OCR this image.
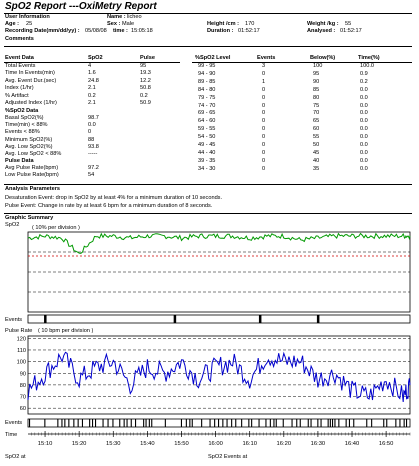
SpO2 Report ---OxiMetry Report
User Information
Age : 25
Name : licheo
Sex : Male
Recording Date(mm/dd/yy) : 05/08/08 time : 15:05:18
Height /cm : 170
Duration : 01:52:17
Weight /kg : 55
Analysed : 01:52:17
Comments
Event Data	SpO2	Pulse
Total Events	4	95
Time In Events(min)	1.6	19.3
Avg. Event Dur.(sec)	24.8	12.2
Index (1/hr)	2.1	50.8
% Artifact	0.2	0.2
Adjusted Index (1/hr)	2.1	50.9
%SpO2 Data
Basal SpO2(%)	98.7
Time(min) < 88%	0.0
Events < 88%	0
Minimum SpO2(%)	88
Avg. Low SpO2(%)	93.8
Avg. Low SpO2 < 88%	-----
Pulse Data
Avg Pulse Rate(bpm)	97.2
Low Pulse Rate(bpm)	54
%SpO2 Level	Events	Below(%)	Time(%)
99 - 95	3	100	100.0
94 - 90	0	95	0.9
89 - 85	1	90	0.2
84 - 80	0	85	0.0
79 - 75	0	80	0.0
74 - 70	0	75	0.0
69 - 65	0	70	0.0
64 - 60	0	65	0.0
59 - 55	0	60	0.0
54 - 50	0	55	0.0
49 - 45	0	50	0.0
44 - 40	0	45	0.0
39 - 35	0	40	0.0
34 - 30	0	35	0.0
Analysis Parameters
Desaturation Event: drop in SpO2 by at least 4% for a minimum duration of 10 seconds.
Pulse Event: Change in rate by at least 6 bpm for a minimum duration of 8 seconds.
Graphic Summary
SpO2 ( 10% per division )
Events
Pulse Rate ( 10 bpm per division )
Events
Time
SpO2 at	SpO2 Events at
60
70
80
90
100
110
120
15:10	15:20	15:30	15:40	15:50	16:00	16:10	16:20	16:30	16:40	16:50
